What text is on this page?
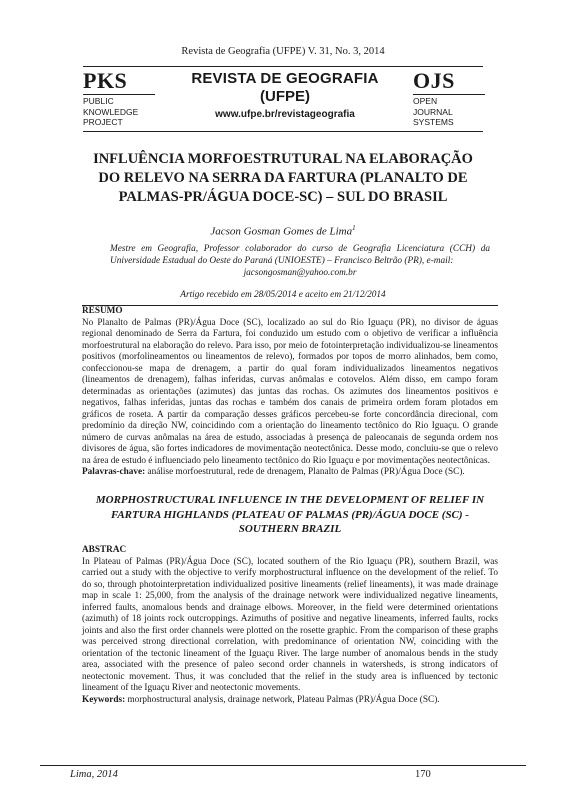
Revista de Geografia (UFPE) V. 31, No. 3, 2014
PKS
PUBLIC
KNOWLEDGE
PROJECT
REVISTA DE GEOGRAFIA
(UFPE)
www.ufpe.br/revistageografia
OJS
OPEN
JOURNAL
SYSTEMS
INFLUÊNCIA MORFOESTRUTURAL NA ELABORAÇÃO
DO RELEVO NA SERRA DA FARTURA (PLANALTO DE
PALMAS-PR/ÁGUA DOCE-SC) – SUL DO BRASIL
Jacson Gosman Gomes de Lima$^1$
Mestre em Geografia, Professor colaborador do curso de Geografia Licenciatura (CCH) da Universidade Estadual do Oeste do Paraná (UNIOESTE) – Francisco Beltrão (PR), e-mail:
jacsongosman@yahoo.com.br
Artigo recebido em 28/05/2014 e aceito em 21/12/2014
RESUMO
No Planalto de Palmas (PR)/Água Doce (SC), localizado ao sul do Rio Iguaçu (PR), no divisor de águas regional denominado de Serra da Fartura, foi conduzido um estudo com o objetivo de verificar a influência morfoestrutural na elaboração do relevo. Para isso, por meio de fotointerpretação individualizou-se lineamentos positivos (morfolineamentos ou lineamentos de relevo), formados por topos de morro alinhados, bem como, confeccionou-se mapa de drenagem, a partir do qual foram individualizados lineamentos negativos (lineamentos de drenagem), falhas inferidas, curvas anômalas e cotovelos. Além disso, em campo foram determinadas as orientações (azimutes) das juntas das rochas. Os azimutes dos lineamentos positivos e negativos, falhas inferidas, juntas das rochas e também dos canais de primeira ordem foram plotados em gráficos de roseta. A partir da comparação desses gráficos percebeu-se forte concordância direcional, com predomínio da direção NW, coincidindo com a orientação do lineamento tectônico do Rio Iguaçu. O grande número de curvas anômalas na área de estudo, associadas à presença de paleocanais de segunda ordem nos divisores de água, são fortes indicadores de movimentação neotectônica. Desse modo, concluiu-se que o relevo na área de estudo é influenciado pelo lineamento tectônico do Rio Iguaçu e por movimentações neotectônicas.
Palavras-chave: análise morfoestrutural, rede de drenagem, Planalto de Palmas (PR)/Água Doce (SC).
MORPHOSTRUCTURAL INFLUENCE IN THE DEVELOPMENT OF RELIEF IN
FARTURA HIGHLANDS (PLATEAU OF PALMAS (PR)/ÁGUA DOCE (SC) -
SOUTHERN BRAZIL
ABSTRAC
In Plateau of Palmas (PR)/Água Doce (SC), located southern of the Rio Iguaçu (PR), southern Brazil, was carried out a study with the objective to verify morphostructural influence on the development of the relief. To do so, through photointerpretation individualized positive lineaments (relief lineaments), it was made drainage map in scale 1: 25,000, from the analysis of the drainage network were individualized negative lineaments, inferred faults, anomalous bends and drainage elbows. Moreover, in the field were determined orientations (azimuth) of 18 joints rock outcroppings. Azimuths of positive and negative lineaments, inferred faults, rocks joints and also the first order channels were plotted on the rosette graphic. From the comparison of these graphs was perceived strong directional correlation, with predominance of orientation NW, coinciding with the orientation of the tectonic lineament of the Iguaçu River. The large number of anomalous bends in the study area, associated with the presence of paleo second order channels in watersheds, is strong indicators of neotectonic movement. Thus, it was concluded that the relief in the study area is influenced by tectonic lineament of the Iguaçu River and neotectonic movements.
Keywords: morphostructural analysis, drainage network, Plateau Palmas (PR)/Água Doce (SC).
Lima, 2014	170
